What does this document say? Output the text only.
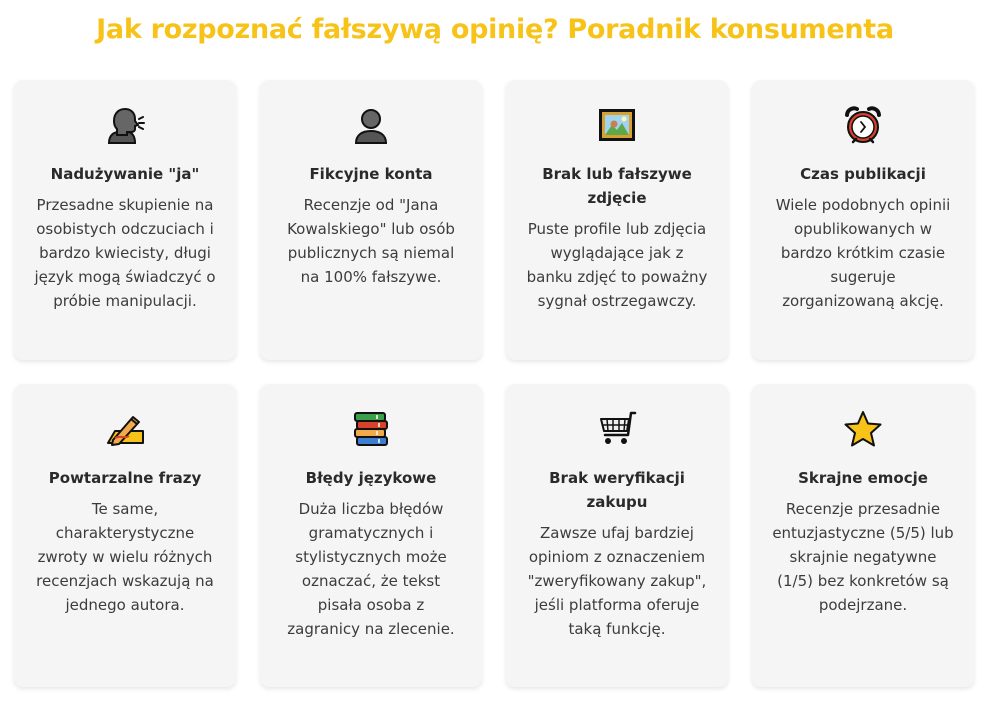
Jak rozpoznać fałszywą opinię? Poradnik konsumenta
Nadużywanie "ja"
Przesadne skupienie na osobistych odczuciach i bardzo kwiecisty, długi język mogą świadczyć o próbie manipulacji.
Fikcyjne konta
Recenzje od "Jana Kowalskiego" lub osób publicznych są niemal na 100% fałszywe.
Brak lub fałszywe zdjęcie
Puste profile lub zdjęcia wyglądające jak z banku zdjęć to poważny sygnał ostrzegawczy.
Czas publikacji
Wiele podobnych opinii opublikowanych w bardzo krótkim czasie sugeruje zorganizowaną akcję.
Powtarzalne frazy
Te same, charakterystyczne zwroty w wielu różnych recenzjach wskazują na jednego autora.
Błędy językowe
Duża liczba błędów gramatycznych i stylistycznych może oznaczać, że tekst pisała osoba z zagranicy na zlecenie.
Brak weryfikacji zakupu
Zawsze ufaj bardziej opiniom z oznaczeniem "zweryfikowany zakup", jeśli platforma oferuje taką funkcję.
Skrajne emocje
Recenzje przesadnie entuzjastyczne (5/5) lub skrajnie negatywne (1/5) bez konkretów są podejrzane.
